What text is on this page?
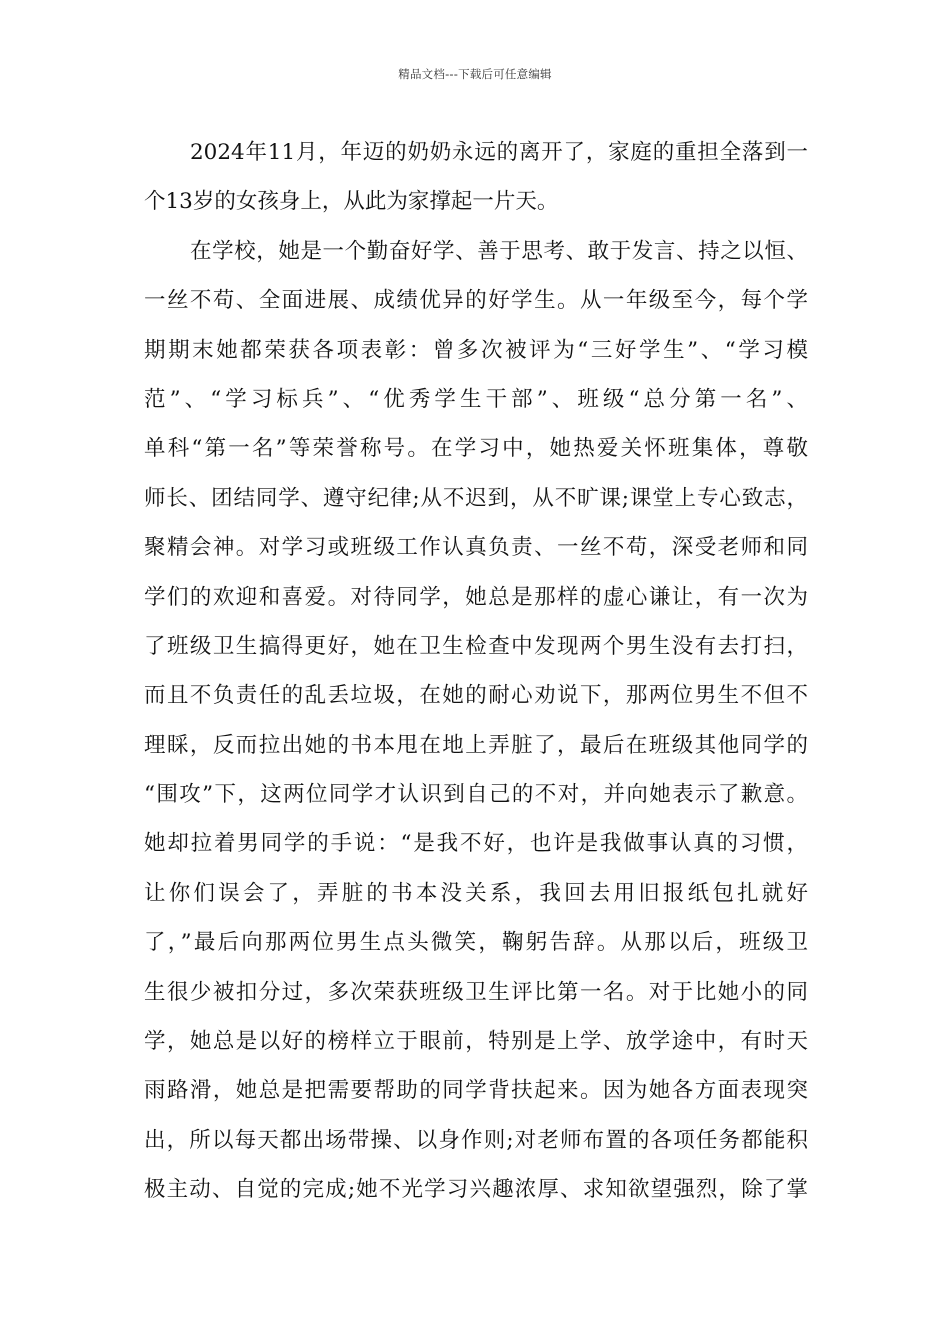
精品文档---下载后可任意编辑
2024年11月，年迈的奶奶永远的离开了，家庭的重担全落到一
个13岁的女孩身上，从此为家撑起一片天。
在学校，她是一个勤奋好学、善于思考、敢于发言、持之以恒、
一丝不苟、全面进展、成绩优异的好学生。从一年级至今，每个学
期期末她都荣获各项表彰：曾多次被评为“三好学生”、“学习模
范”、“学习标兵”、“优秀学生干部”、班级“总分第一名”、
单科“第一名”等荣誉称号。在学习中，她热爱关怀班集体，尊敬
师长、团结同学、遵守纪律;从不迟到，从不旷课;课堂上专心致志，
聚精会神。对学习或班级工作认真负责、一丝不苟，深受老师和同
学们的欢迎和喜爱。对待同学，她总是那样的虚心谦让，有一次为
了班级卫生搞得更好，她在卫生检查中发现两个男生没有去打扫，
而且不负责任的乱丢垃圾，在她的耐心劝说下，那两位男生不但不
理睬，反而拉出她的书本甩在地上弄脏了，最后在班级其他同学的
“围攻”下，这两位同学才认识到自己的不对，并向她表示了歉意。
她却拉着男同学的手说：“是我不好，也许是我做事认真的习惯，
让你们误会了，弄脏的书本没关系，我回去用旧报纸包扎就好
了，”最后向那两位男生点头微笑，鞠躬告辞。从那以后，班级卫
生很少被扣分过，多次荣获班级卫生评比第一名。对于比她小的同
学，她总是以好的榜样立于眼前，特别是上学、放学途中，有时天
雨路滑，她总是把需要帮助的同学背扶起来。因为她各方面表现突
出，所以每天都出场带操、以身作则;对老师布置的各项任务都能积
极主动、自觉的完成;她不光学习兴趣浓厚、求知欲望强烈，除了掌
